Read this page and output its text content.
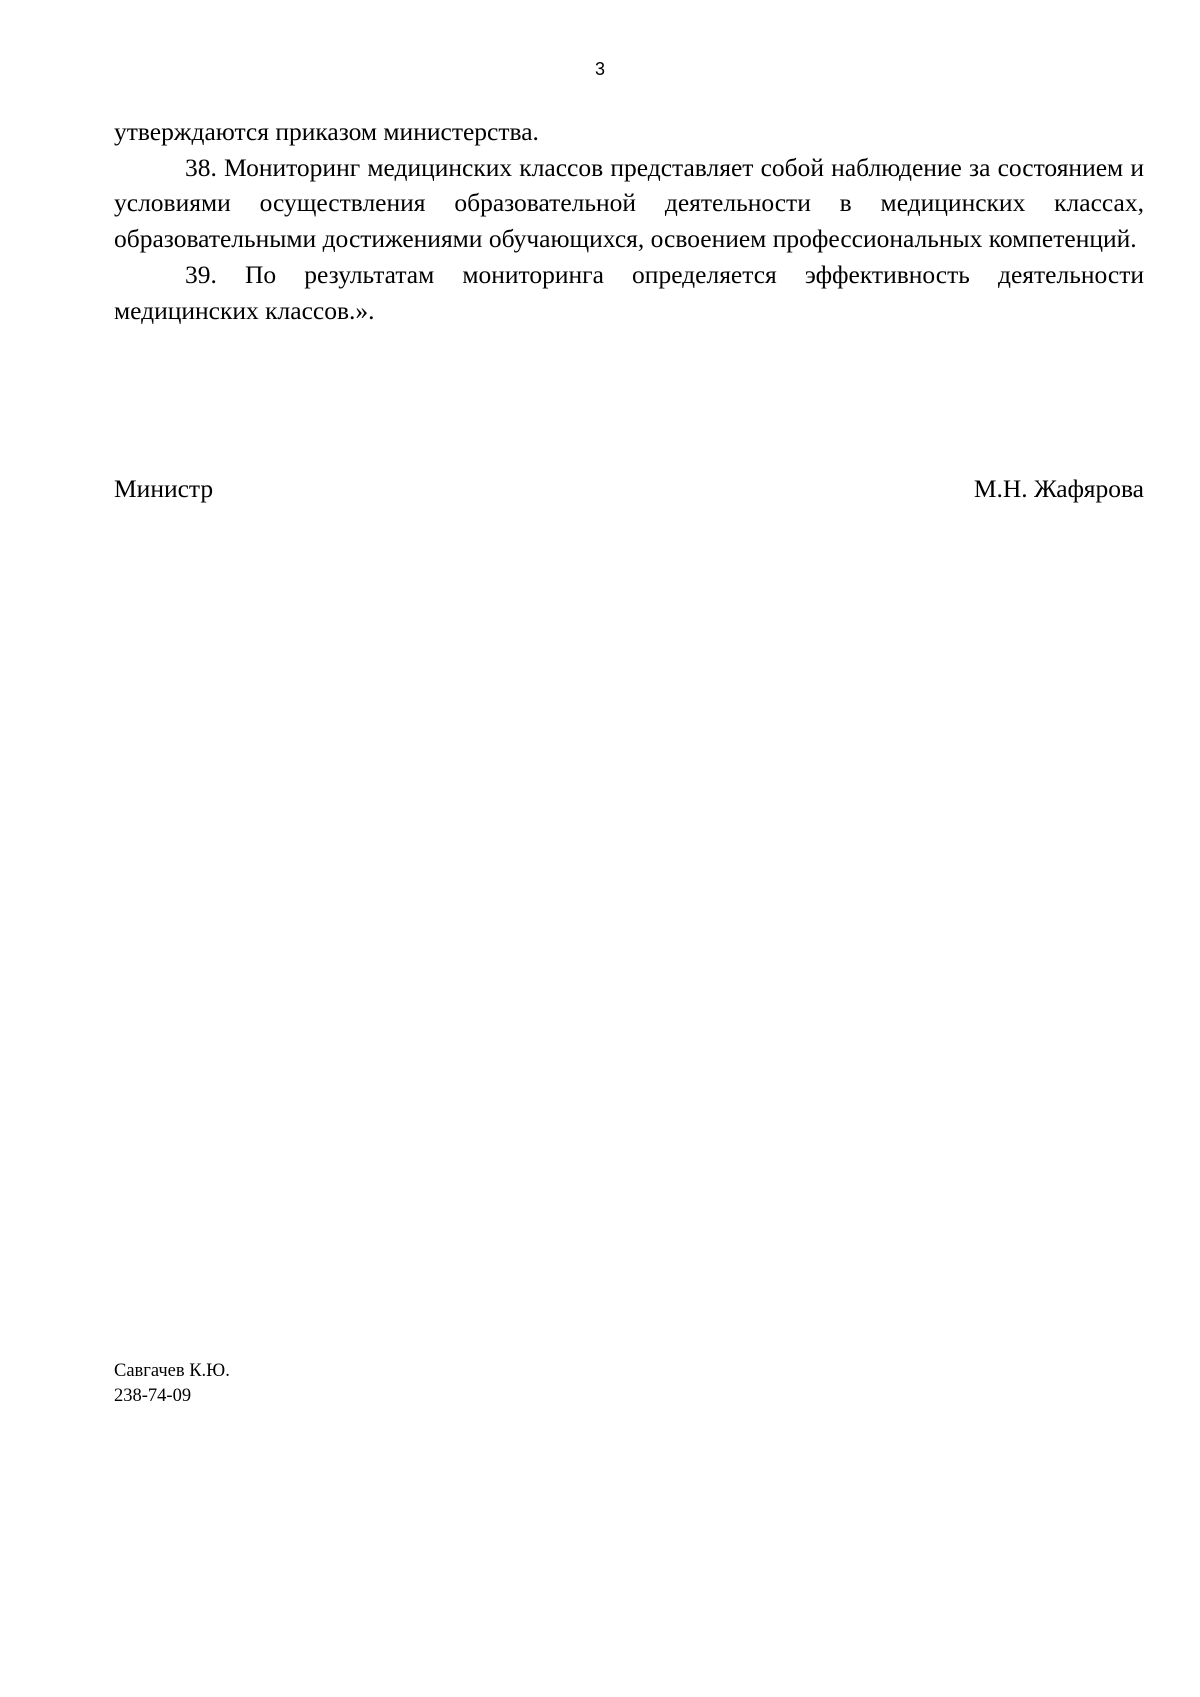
3

утверждаются приказом министерства.

38. Мониторинг медицинских классов представляет собой наблюдение за состоянием и условиями осуществления образовательной деятельности в медицинских классах, образовательными достижениями обучающихся, освоением профессиональных компетенций.

39. По результатам мониторинга определяется эффективность деятельности медицинских классов.».

Министр	М.Н. Жафярова
Савгачев К.Ю.
238-74-09
